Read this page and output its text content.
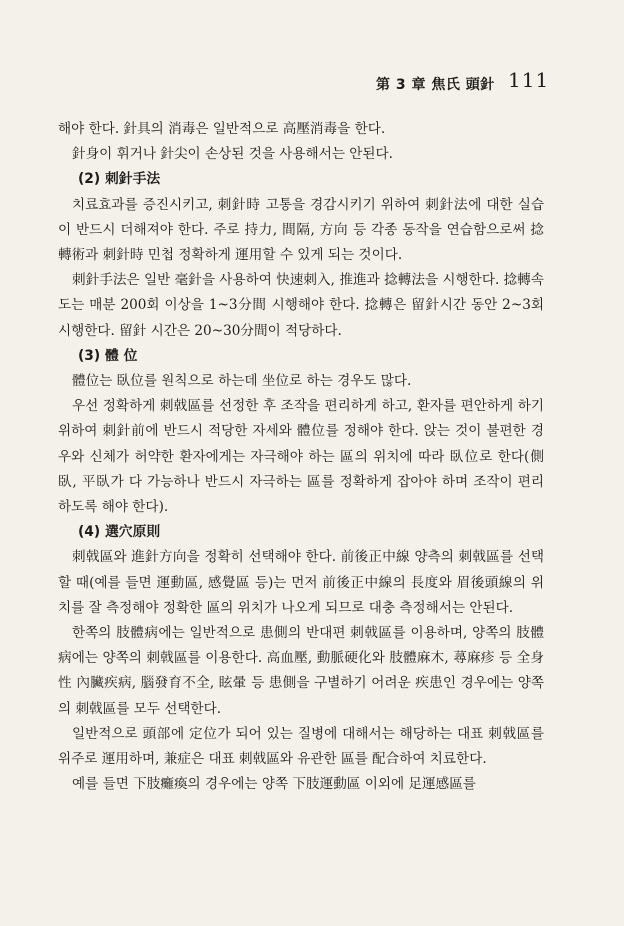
第 3 章 焦氏 頭針 111

해야 한다. 針具의 消毒은 일반적으로 高壓消毒을 한다.

針身이 휘거나 針尖이 손상된 것을 사용해서는 안된다.

(2) 刺針手法

치료효과를 증진시키고, 刺針時 고통을 경감시키기 위하여 刺針法에 대한 실습이 반드시 더해져야 한다. 주로 持力, 間隔, 方向 등 각종 동작을 연습함으로써 捻轉術과 刺針時 민첩 정확하게 運用할 수 있게 되는 것이다.

刺針手法은 일반 毫針을 사용하여 快速刺入, 推進과 捻轉法을 시행한다. 捻轉속도는 매분 200회 이상을 1~3分間 시행해야 한다. 捻轉은 留針시간 동안 2~3회 시행한다. 留針 시간은 20~30分間이 적당하다.

(3) 體 位

體位는 臥位를 원칙으로 하는데 坐位로 하는 경우도 많다.

우선 정확하게 刺戟區를 선정한 후 조작을 편리하게 하고, 환자를 편안하게 하기 위하여 刺針前에 반드시 적당한 자세와 體位를 정해야 한다. 앉는 것이 불편한 경우와 신체가 허약한 환자에게는 자극해야 하는 區의 위치에 따라 臥位로 한다(側臥, 平臥가 다 가능하나 반드시 자극하는 區를 정확하게 잡아야 하며 조작이 편리하도록 해야 한다).

(4) 選穴原則

刺戟區와 進針方向을 정확히 선택해야 한다. 前後正中線 양측의 刺戟區를 선택할 때(예를 들면 運動區, 感覺區 등)는 먼저 前後正中線의 長度와 眉後頭線의 위치를 잘 측정해야 정확한 區의 위치가 나오게 되므로 대충 측정해서는 안된다.

한쪽의 肢體病에는 일반적으로 患側의 반대편 刺戟區를 이용하며, 양쪽의 肢體病에는 양쪽의 刺戟區를 이용한다. 高血壓, 動脈硬化와 肢體麻木, 蕁麻疹 등 全身性 內臟疾病, 腦發育不全, 眩暈 등 患側을 구별하기 어려운 疾患인 경우에는 양쪽의 刺戟區를 모두 선택한다.

일반적으로 頭部에 定位가 되어 있는 질병에 대해서는 해당하는 대표 刺戟區를 위주로 運用하며, 兼症은 대표 刺戟區와 유관한 區를 配合하여 치료한다.

예를 들면 下肢癱瘓의 경우에는 양쪽 下肢運動區 이외에 足運感區를
